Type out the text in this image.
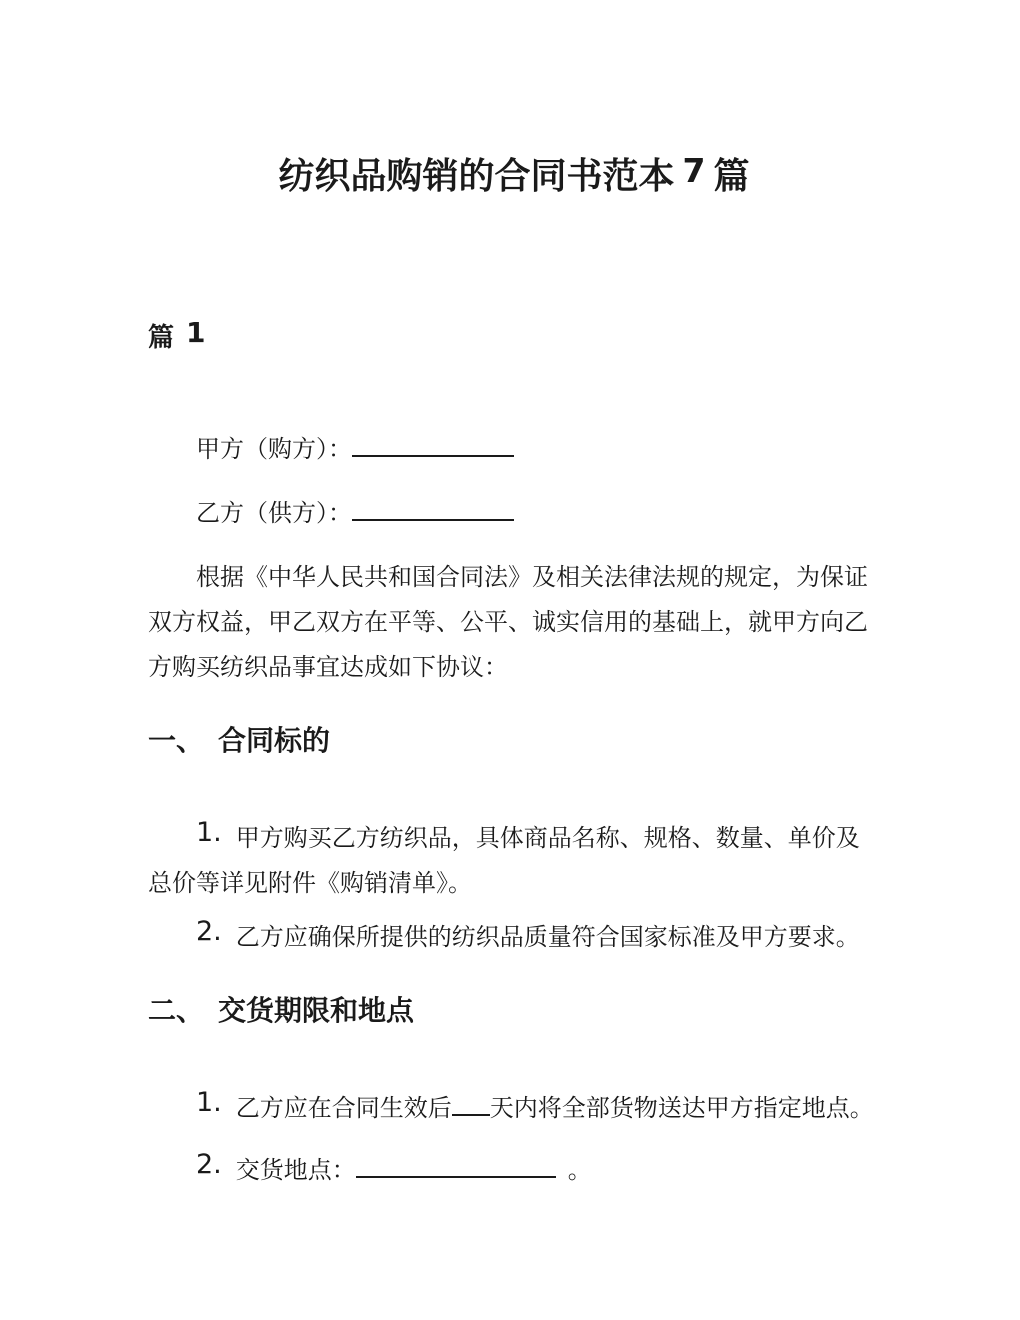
纺织品购销的合同书范本 7 篇
篇 1

甲方（购方）：

乙方（供方）：

根据《中华人民共和国合同法》及相关法律法规的规定，为保证双方权益，甲乙双方在平等、公平、诚实信用的基础上，就甲方向乙方购买纺织品事宜达成如下协议：

一、 合同标的

1. 甲方购买乙方纺织品，具体商品名称、规格、数量、单价及总价等详见附件《购销清单》。

2. 乙方应确保所提供的纺织品质量符合国家标准及甲方要求。

二、 交货期限和地点

1. 乙方应在合同生效后 天内将全部货物送达甲方指定地点。

2. 交货地点：	。
